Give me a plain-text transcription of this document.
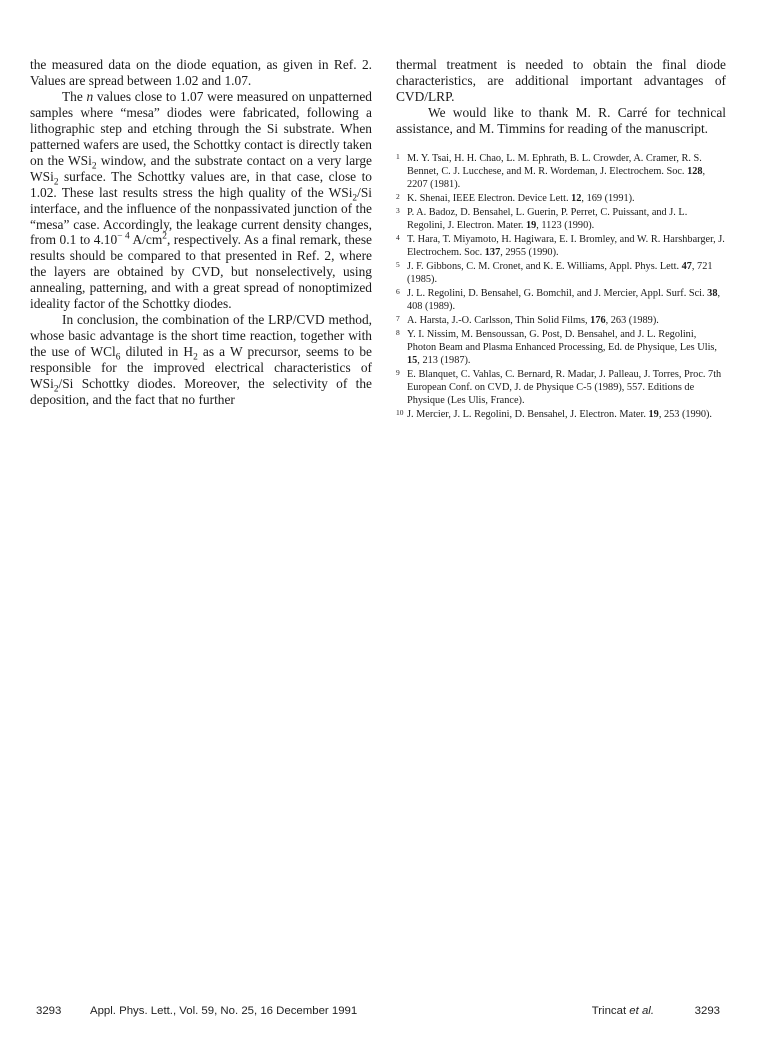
the measured data on the diode equation, as given in Ref. 2. Values are spread between 1.02 and 1.07.

The n values close to 1.07 were measured on unpatterned samples where “mesa” diodes were fabricated, following a lithographic step and etching through the Si substrate. When patterned wafers are used, the Schottky contact is directly taken on the WSi$_2$ window, and the substrate contact on a very large WSi$_2$ surface. The Schottky values are, in that case, close to 1.02. These last results stress the high quality of the WSi$_2$/Si interface, and the influence of the nonpassivated junction of the “mesa” case. Accordingly, the leakage current density changes, from 0.1 to $4.10^{- 4}$ $A/cm^2$, respectively. As a final remark, these results should be compared to that presented in Ref. 2, where the layers are obtained by CVD, but nonselectively, using annealing, patterning, and with a great spread of nonoptimized ideality factor of the Schottky diodes.

In conclusion, the combination of the LRP/CVD method, whose basic advantage is the short time reaction, together with the use of WCl$_6$ diluted in $H_2$ as a W precursor, seems to be responsible for the improved electrical characteristics of WSi$_2$/Si Schottky diodes. Moreover, the selectivity of the deposition, and the fact that no further

thermal treatment is needed to obtain the final diode characteristics, are additional important advantages of CVD/LRP.

We would like to thank M. R. Carré for technical assistance, and M. Timmins for reading of the manuscript.

1 M. Y. Tsai, H. H. Chao, L. M. Ephrath, B. L. Crowder, A. Cramer, R. S. Bennet, C. J. Lucchese, and M. R. Wordeman, J. Electrochem. Soc. 128, 2207 (1981).
2 K. Shenai, IEEE Electron. Device Lett. 12, 169 (1991).
3 P. A. Badoz, D. Bensahel, L. Guerin, P. Perret, C. Puissant, and J. L. Regolini, J. Electron. Mater. 19, 1123 (1990).
4 T. Hara, T. Miyamoto, H. Hagiwara, E. I. Bromley, and W. R. Harshbarger, J. Electrochem. Soc. 137, 2955 (1990).
5 J. F. Gibbons, C. M. Cronet, and K. E. Williams, Appl. Phys. Lett. 47, 721 (1985).
6 J. L. Regolini, D. Bensahel, G. Bomchil, and J. Mercier, Appl. Surf. Sci. 38, 408 (1989).
7 A. Harsta, J.-O. Carlsson, Thin Solid Films, 176, 263 (1989).
8 Y. I. Nissim, M. Bensoussan, G. Post, D. Bensahel, and J. L. Regolini, Photon Beam and Plasma Enhanced Processing, Ed. de Physique, Les Ulis, 15, 213 (1987).
9 E. Blanquet, C. Vahlas, C. Bernard, R. Madar, J. Palleau, J. Torres, Proc. 7th European Conf. on CVD, J. de Physique C-5 (1989), 557. Editions de Physique (Les Ulis, France).
10 J. Mercier, J. L. Regolini, D. Bensahel, J. Electron. Mater. 19, 253 (1990).
3293	Appl. Phys. Lett., Vol. 59, No. 25, 16 December 1991	Trincat et al.	3293
